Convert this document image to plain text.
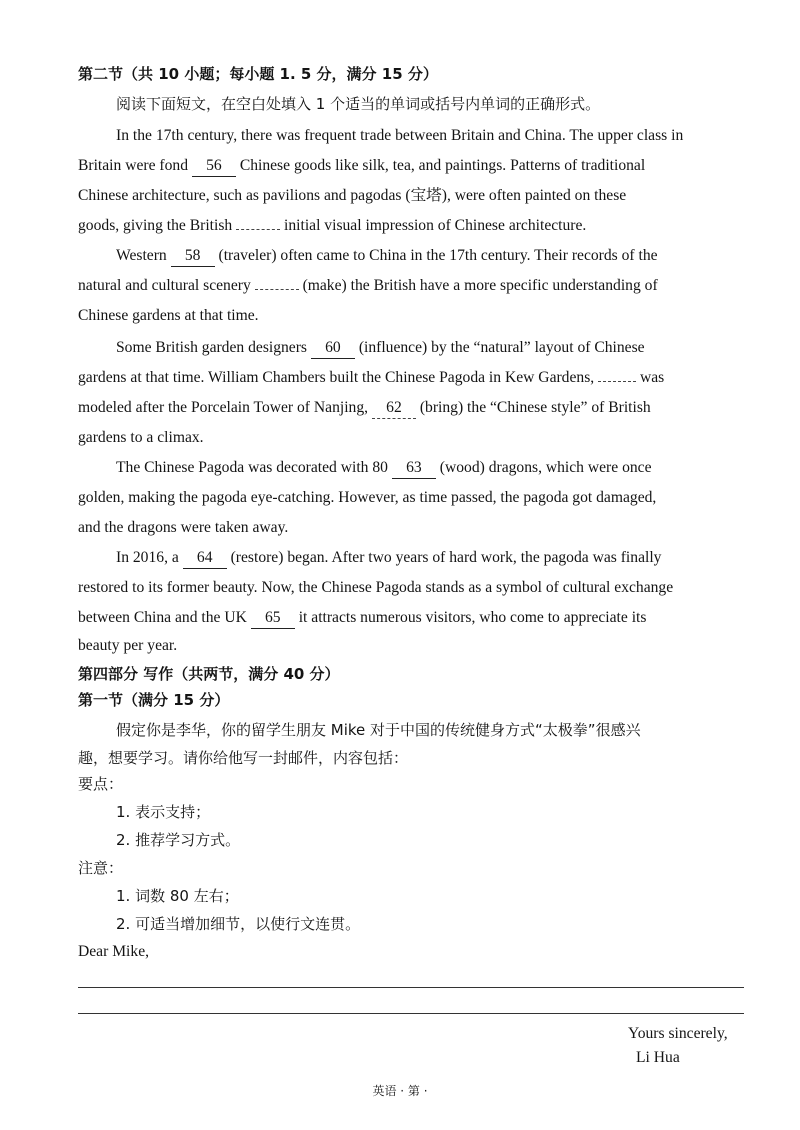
第二节（共 10 小题；每小题 1. 5 分，满分 15 分）
阅读下面短文，在空白处填入 1 个适当的单词或括号内单词的正确形式。
In the 17th century, there was frequent trade between Britain and China. The upper class in
Britain were fond 56 Chinese goods like silk, tea, and paintings. Patterns of traditional
Chinese architecture, such as pavilions and pagodas (宝塔), were often painted on these
goods, giving the British	initial visual impression of Chinese architecture.
Western 58 (traveler) often came to China in the 17th century. Their records of the
natural and cultural scenery	(make) the British have a more specific understanding of
Chinese gardens at that time.
Some British garden designers 60 (influence) by the “natural” layout of Chinese
gardens at that time. William Chambers built the Chinese Pagoda in Kew Gardens,	was
modeled after the Porcelain Tower of Nanjing, 62 (bring) the “Chinese style” of British
gardens to a climax.
The Chinese Pagoda was decorated with 80 63 (wood) dragons, which were once
golden, making the pagoda eye-catching. However, as time passed, the pagoda got damaged,
and the dragons were taken away.
In 2016, a 64 (restore) began. After two years of hard work, the pagoda was finally
restored to its former beauty. Now, the Chinese Pagoda stands as a symbol of cultural exchange
between China and the UK 65 it attracts numerous visitors, who come to appreciate its
beauty per year.
第四部分 写作（共两节，满分 40 分）
第一节（满分 15 分）
假定你是李华，你的留学生朋友 Mike 对于中国的传统健身方式“太极拳”很感兴
趣，想要学习。请你给他写一封邮件，内容包括：
要点：
1. 表示支持；
2. 推荐学习方式。
注意：
1. 词数 80 左右；
2. 可适当增加细节，以使行文连贯。
Dear Mike,
Yours sincerely,
Li Hua
英语 · 第 ·
